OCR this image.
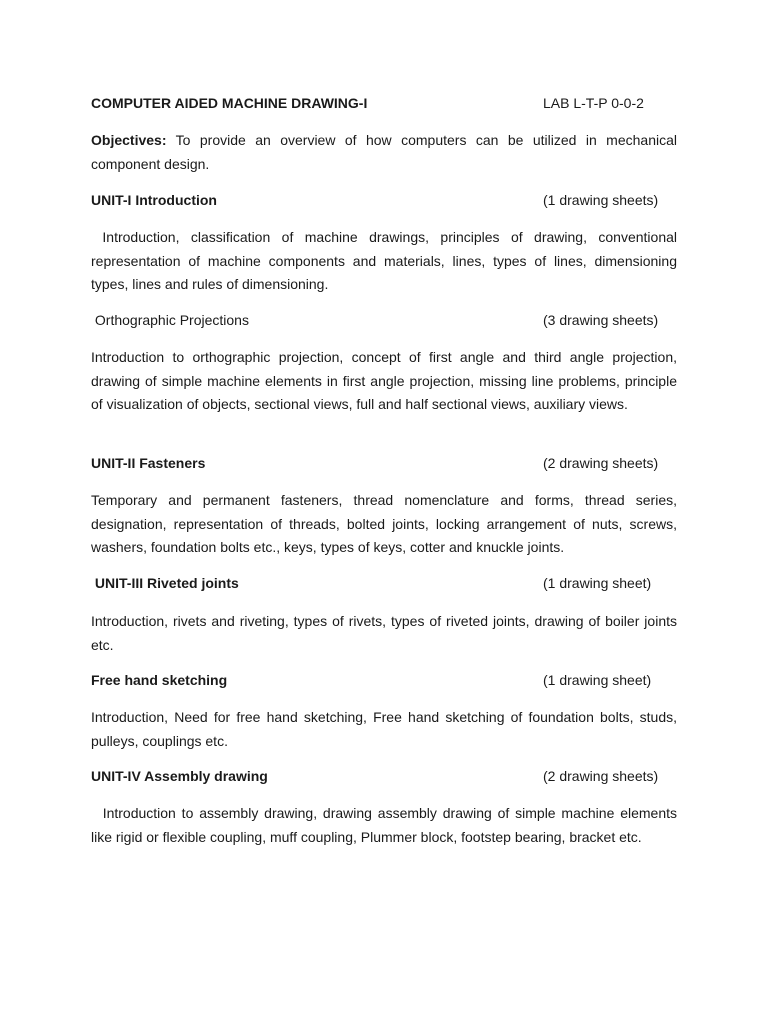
COMPUTER AIDED MACHINE DRAWING-I	LAB L-T-P 0-0-2

Objectives: To provide an overview of how computers can be utilized in mechanical component design.

UNIT-I Introduction	(1 drawing sheets)

Introduction, classification of machine drawings, principles of drawing, conventional representation of machine components and materials, lines, types of lines, dimensioning types, lines and rules of dimensioning.

Orthographic Projections	(3 drawing sheets)

Introduction to orthographic projection, concept of first angle and third angle projection, drawing of simple machine elements in first angle projection, missing line problems, principle of visualization of objects, sectional views, full and half sectional views, auxiliary views.

UNIT-II Fasteners	(2 drawing sheets)

Temporary and permanent fasteners, thread nomenclature and forms, thread series, designation, representation of threads, bolted joints, locking arrangement of nuts, screws, washers, foundation bolts etc., keys, types of keys, cotter and knuckle joints.

UNIT-III Riveted joints	(1 drawing sheet)

Introduction, rivets and riveting, types of rivets, types of riveted joints, drawing of boiler joints etc.

Free hand sketching	(1 drawing sheet)

Introduction, Need for free hand sketching, Free hand sketching of foundation bolts, studs, pulleys, couplings etc.

UNIT-IV Assembly drawing	(2 drawing sheets)

Introduction to assembly drawing, drawing assembly drawing of simple machine elements like rigid or flexible coupling, muff coupling, Plummer block, footstep bearing, bracket etc.
